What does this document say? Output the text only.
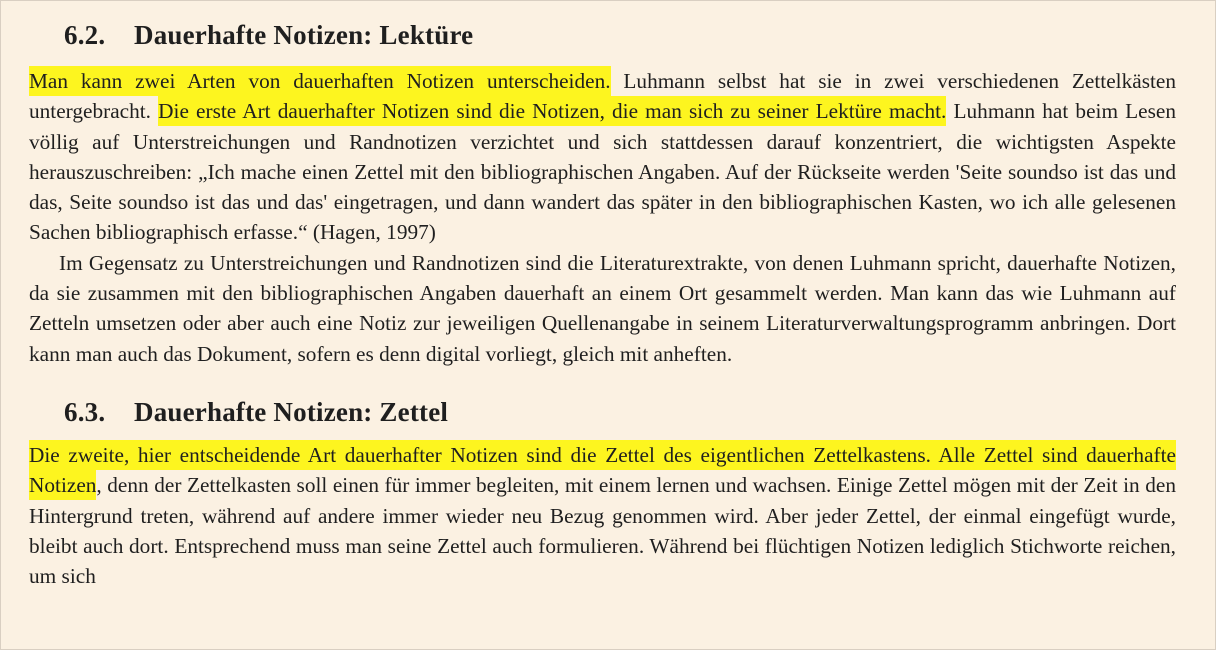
6.2. Dauerhafte Notizen: Lektüre

Man kann zwei Arten von dauerhaften Notizen unterscheiden. Luhmann selbst hat sie in zwei verschiedenen Zettelkästen untergebracht. Die erste Art dauerhafter Notizen sind die Notizen, die man sich zu seiner Lektüre macht. Luhmann hat beim Lesen völlig auf Unterstreichungen und Randnotizen verzichtet und sich stattdessen darauf konzentriert, die wichtigsten Aspekte herauszuschreiben: „Ich mache einen Zettel mit den bibliographischen Angaben. Auf der Rückseite werden 'Seite soundso ist das und das, Seite soundso ist das und das' eingetragen, und dann wandert das später in den bibliographischen Kasten, wo ich alle gelesenen Sachen bibliographisch erfasse.“ (Hagen, 1997)

Im Gegensatz zu Unterstreichungen und Randnotizen sind die Literaturextrakte, von denen Luhmann spricht, dauerhafte Notizen, da sie zusammen mit den bibliographischen Angaben dauerhaft an einem Ort gesammelt werden. Man kann das wie Luhmann auf Zetteln umsetzen oder aber auch eine Notiz zur jeweiligen Quellenangabe in seinem Literaturverwaltungsprogramm anbringen. Dort kann man auch das Dokument, sofern es denn digital vorliegt, gleich mit anheften.

6.3. Dauerhafte Notizen: Zettel

Die zweite, hier entscheidende Art dauerhafter Notizen sind die Zettel des eigentlichen Zettelkastens. Alle Zettel sind dauerhafte Notizen, denn der Zettelkasten soll einen für immer begleiten, mit einem lernen und wachsen. Einige Zettel mögen mit der Zeit in den Hintergrund treten, während auf andere immer wieder neu Bezug genommen wird. Aber jeder Zettel, der einmal eingefügt wurde, bleibt auch dort. Entsprechend muss man seine Zettel auch formulieren. Während bei flüchtigen Notizen lediglich Stichworte reichen, um sich
